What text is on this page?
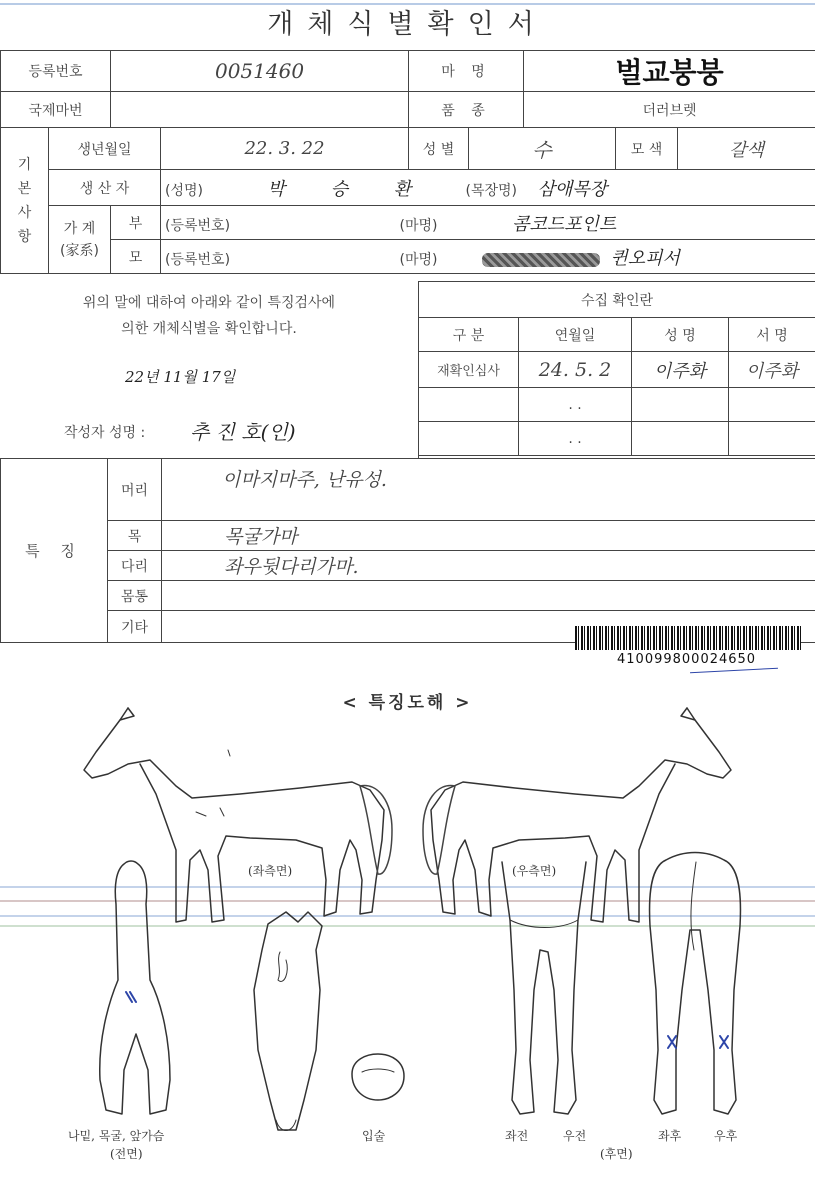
개체식별확인서
등록번호		0051460		마 명		벌교붕붕		
국제마번				품 종		더러브렛		
기본사항	생년월일		22. 3. 22	성 별	수		모 색	갈색
	생 산 자		(성명) 박 승 환 (목장명) 삼애목장					
	가 계
(家系)	부	(등록번호) (마명) 콤코드포인트					
		모	(등록번호) (마명) 퀸오피서					
위의 말에 대하여 아래와 같이 특징검사에
의한 개체식별을 확인합니다.
22년 11월 17일
작성자 성명 : 추 진 호(인)
수집 확인란			
구 분	연월일	성 명	서 명
재확인심사	24. 5. 2	이주화	이주화
	. .		
	. .		
특 징	머리	이마지마주, 난유성.
	목	목굴가마
	다리	좌우뒷다리가마.
	몸통	
	기타	
410099800024650
< 특징도해 >
(좌측면)	(우측면)
나밑, 목굴, 앞가슴
(전면)
입술	좌전	우전	좌후	우후
(후면)
